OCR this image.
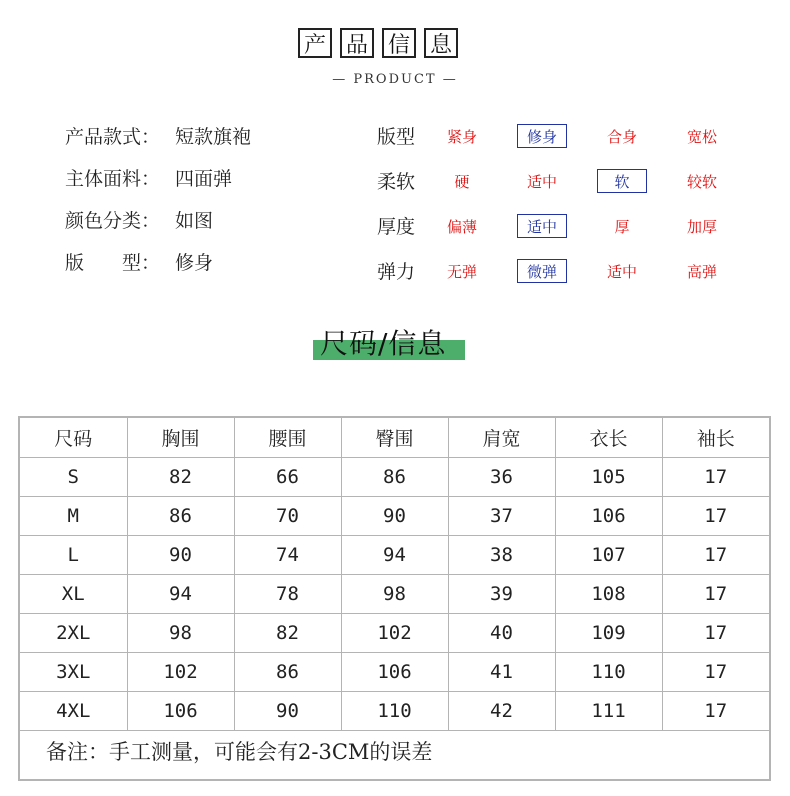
产 品 信 息
— PRODUCT —
产品款式： 短款旗袍
主体面料： 四面弹
颜色分类： 如图
版　　型： 修身
版型	紧身	修身	合身	宽松
柔软	硬	适中	软	较软
厚度	偏薄	适中	厚	加厚
弹力	无弹	微弹	适中	高弹
尺码/信息
尺码	胸围	腰围	臀围	肩宽	衣长	袖长
S	82	66	86	36	105	17
M	86	70	90	37	106	17
L	90	74	94	38	107	17
XL	94	78	98	39	108	17
2XL	98	82	102	40	109	17
3XL	102	86	106	41	110	17
4XL	106	90	110	42	111	17
备注：手工测量，可能会有2-3CM的误差
